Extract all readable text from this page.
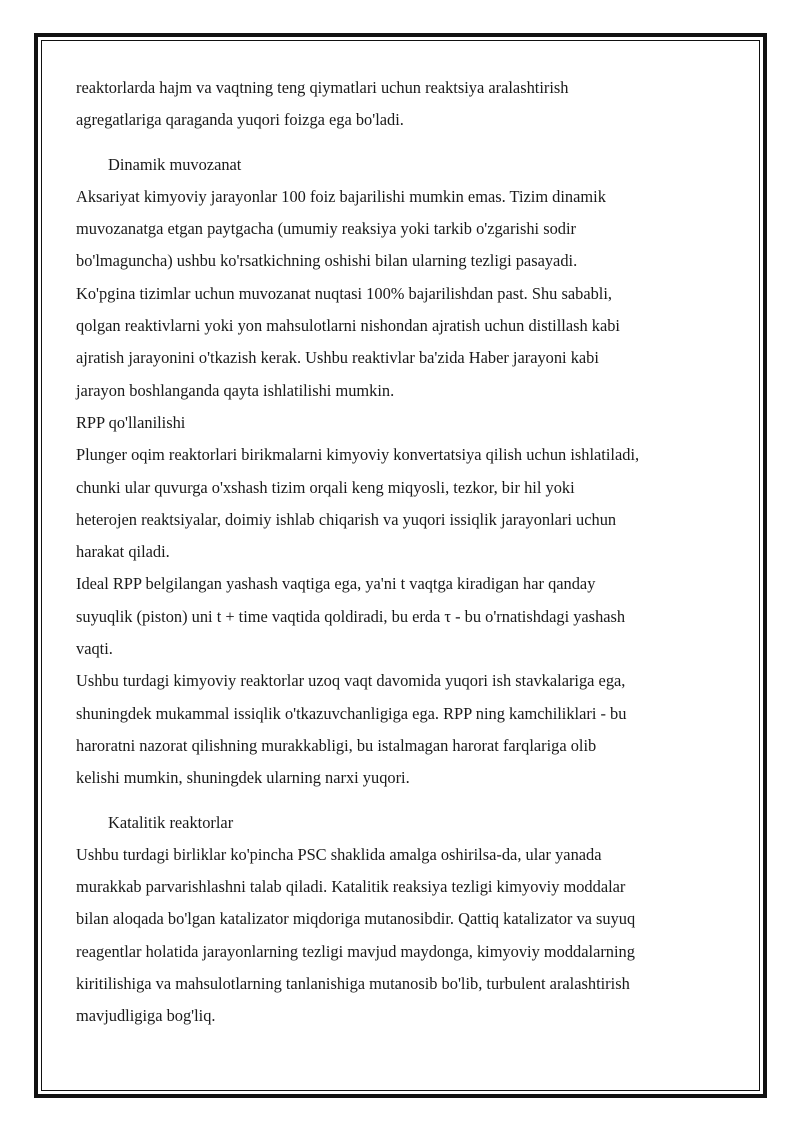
reaktorlarda hajm va vaqtning teng qiymatlari uchun reaktsiya aralashtirish
agregatlariga qaraganda yuqori foizga ega bo'ladi.
Dinamik muvozanat
Aksariyat kimyoviy jarayonlar 100 foiz bajarilishi mumkin emas. Tizim dinamik
muvozanatga etgan paytgacha (umumiy reaksiya yoki tarkib o'zgarishi sodir
bo'lmaguncha) ushbu ko'rsatkichning oshishi bilan ularning tezligi pasayadi.
Ko'pgina tizimlar uchun muvozanat nuqtasi 100% bajarilishdan past. Shu sababli,
qolgan reaktivlarni yoki yon mahsulotlarni nishondan ajratish uchun distillash kabi
ajratish jarayonini o'tkazish kerak. Ushbu reaktivlar ba'zida Haber jarayoni kabi
jarayon boshlanganda qayta ishlatilishi mumkin.
RPP qo'llanilishi
Plunger oqim reaktorlari birikmalarni kimyoviy konvertatsiya qilish uchun ishlatiladi,
chunki ular quvurga o'xshash tizim orqali keng miqyosli, tezkor, bir hil yoki
heterojen reaktsiyalar, doimiy ishlab chiqarish va yuqori issiqlik jarayonlari uchun
harakat qiladi.
Ideal RPP belgilangan yashash vaqtiga ega, ya'ni t vaqtga kiradigan har qanday
suyuqlik (piston) uni t + time vaqtida qoldiradi, bu erda τ - bu o'rnatishdagi yashash
vaqti.
Ushbu turdagi kimyoviy reaktorlar uzoq vaqt davomida yuqori ish stavkalariga ega,
shuningdek mukammal issiqlik o'tkazuvchanligiga ega. RPP ning kamchiliklari - bu
haroratni nazorat qilishning murakkabligi, bu istalmagan harorat farqlariga olib
kelishi mumkin, shuningdek ularning narxi yuqori.
Katalitik reaktorlar
Ushbu turdagi birliklar ko'pincha PSC shaklida amalga oshirilsa-da, ular yanada
murakkab parvarishlashni talab qiladi. Katalitik reaksiya tezligi kimyoviy moddalar
bilan aloqada bo'lgan katalizator miqdoriga mutanosibdir. Qattiq katalizator va suyuq
reagentlar holatida jarayonlarning tezligi mavjud maydonga, kimyoviy moddalarning
kiritilishiga va mahsulotlarning tanlanishiga mutanosib bo'lib, turbulent aralashtirish
mavjudligiga bog'liq.
